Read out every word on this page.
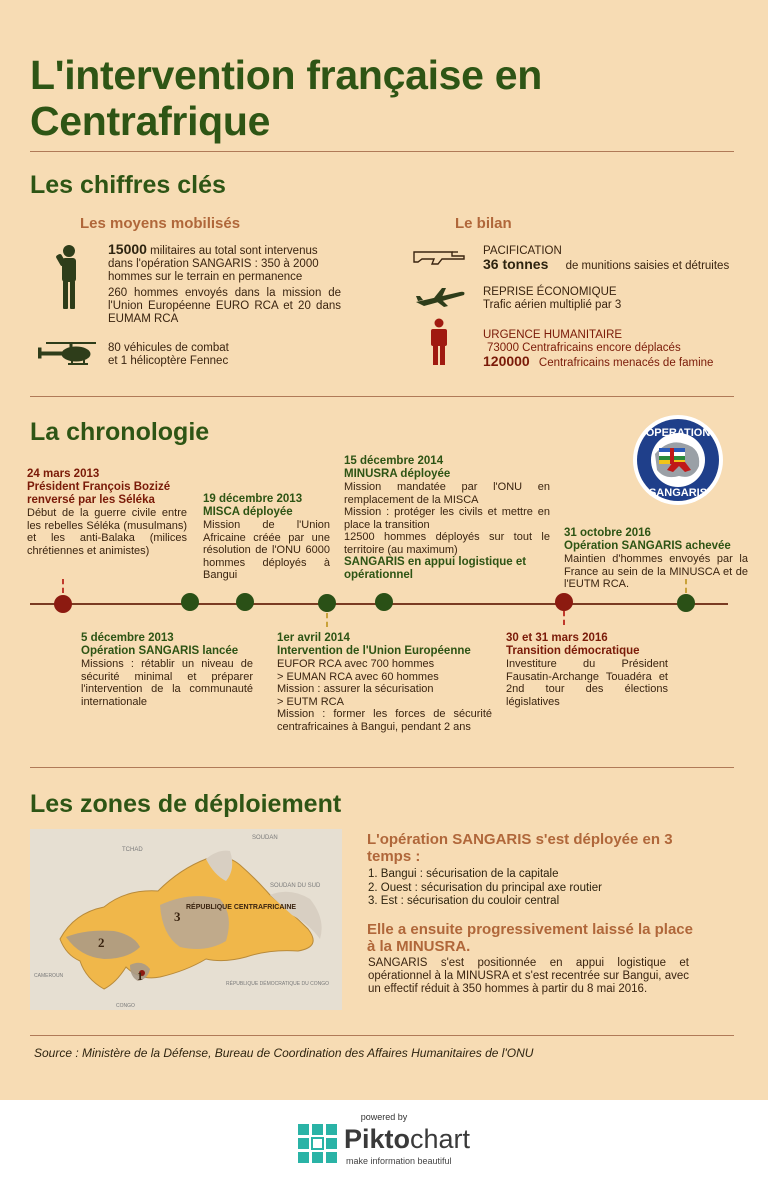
L'intervention française en Centrafrique
Les chiffres clés
Les moyens mobilisés
15000 militaires au total sont intervenus
dans l'opération SANGARIS : 350 à 2000
hommes sur le terrain en permanence
260 hommes envoyés dans la mission de l'Union Européenne EURO RCA et 20 dans EUMAM RCA
80 véhicules de combat
et 1 hélicoptère Fennec
Le bilan
PACIFICATION
36 tonnes de munitions saisies et détruites
REPRISE ÉCONOMIQUE
Trafic aérien multiplié par 3
URGENCE HUMANITAIRE
73000 Centrafricains encore déplacés
120000 Centrafricains menacés de famine
La chronologie	OPERATION
SANGARIS
24 mars 2013
Président François Bozizé renversé par les Séléka
Début de la guerre civile entre les rebelles Séléka (musulmans) et les anti-Balaka (milices chrétiennes et animistes)
19 décembre 2013
MISCA déployée
Mission de l'Union Africaine créée par une résolution de l'ONU 6000 hommes déployés à Bangui
15 décembre 2014
MINUSRA déployée
Mission mandatée par l'ONU en remplacement de la MISCA
Mission : protéger les civils et mettre en place la transition
12500 hommes déployés sur tout le territoire (au maximum)
SANGARIS en appui logistique et opérationnel
31 octobre 2016
Opération SANGARIS achevée
Maintien d'hommes envoyés par la France au sein de la MINUSCA et de l'EUTM RCA.
5 décembre 2013
Opération SANGARIS lancée
Missions : rétablir un niveau de sécurité minimal et préparer l'intervention de la communauté internationale
1er avril 2014
Intervention de l'Union Européenne
EUFOR RCA avec 700 hommes
> EUMAN RCA avec 60 hommes
Mission : assurer la sécurisation
> EUTM RCA
Mission : former les forces de sécurité centrafricaines à Bangui, pendant 2 ans
30 et 31 mars 2016
Transition démocratique
Investiture du Président Fausatin-Archange Touadéra et 2nd tour des élections législatives
Les zones de déploiement
TCHAD
SOUDAN
SOUDAN DU SUD
CAMEROUN
CONGO
RÉPUBLIQUE DÉMOCRATIQUE DU CONGO
RÉPUBLIQUE CENTRAFRICAINE
1
2
3
L'opération SANGARIS s'est déployée en 3 temps :
1. Bangui : sécurisation de la capitale
2. Ouest : sécurisation du principal axe routier
3. Est : sécurisation du couloir central
Elle a ensuite progressivement laissé la place à la MINUSRA.
SANGARIS s'est positionnée en appui logistique et opérationnel à la MINUSRA et s'est recentrée sur Bangui, avec un effectif réduit à 350 hommes à partir du 8 mai 2016.
Source : Ministère de la Défense, Bureau de Coordination des Affaires Humanitaires de l'ONU
powered by
Piktochart
make information beautiful
